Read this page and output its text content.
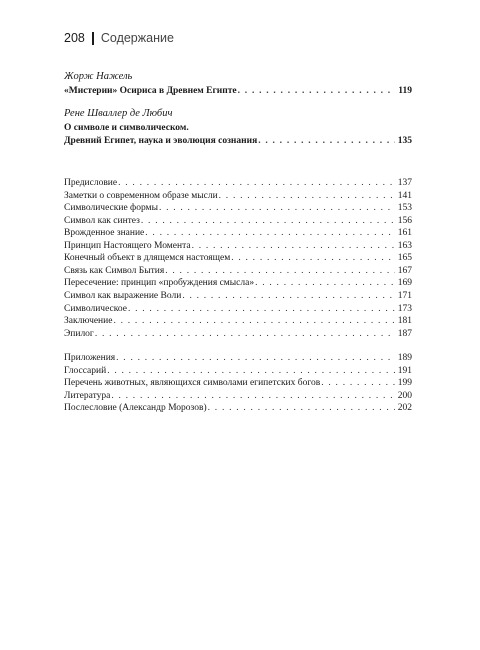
208 Содержание
Жорж Нажель
«Мистерии» Осириса в Древнем Египте . . .	119
Рене Шваллер де Любич
О символе и символическом.
Древний Египет, наука и эволюция сознания . . .	135
Предисловие . . .	137
Заметки о современном образе мысли . . .	141
Символические формы . . .	153
Символ как синтез . . .	156
Врожденное знание . . .	161
Принцип Настоящего Момента . . .	163
Конечный объект в длящемся настоящем . . .	165
Связь как Символ Бытия . . .	167
Пересечение: принцип «пробуждения смысла» . . .	169
Символ как выражение Воли . . .	171
Символическое . . .	173
Заключение . . .	181
Эпилог . . .	187
Приложения . . .	189
Глоссарий . . .	191
Перечень животных, являющихся символами египетских богов . . .	199
Литература . . .	200
Послесловие (Александр Морозов) . . .	202
